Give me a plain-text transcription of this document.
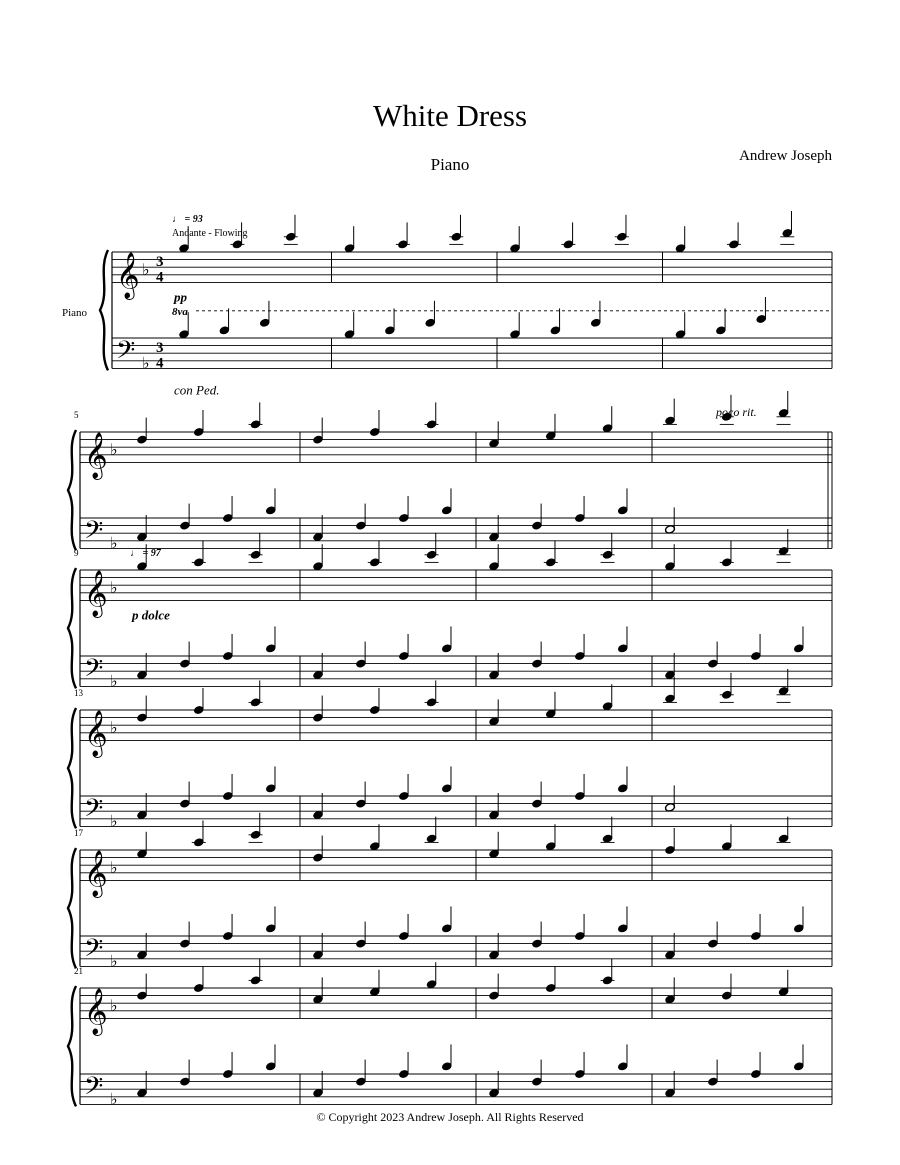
White Dress
Piano	Andrew Joseph
𝄞
𝄢
♭
♭
3
4
3
4
Piano
♩ = 93
Andante - Flowing
pp
8va
con Ped.
𝄞
𝄢
♭
♭
5	poco rit.
𝄞
𝄢
♭
♭
9	♩ = 97
p dolce
𝄞
𝄢
♭
♭
13
𝄞
𝄢
♭
♭
17
𝄞
𝄢
♭
♭
21
© Copyright 2023 Andrew Joseph. All Rights Reserved
